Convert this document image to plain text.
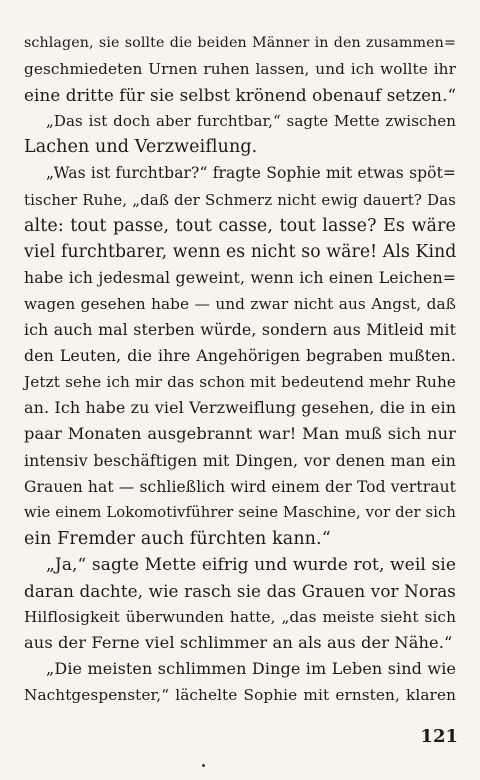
schlagen, sie sollte die beiden Männer in den zusammen=
geschmiedeten Urnen ruhen lassen, und ich wollte ihr
eine dritte für sie selbst krönend obenauf setzen.“
„Das ist doch aber furchtbar,“ sagte Mette zwischen
Lachen und Verzweiflung.
„Was ist furchtbar?“ fragte Sophie mit etwas spöt=
tischer Ruhe, „daß der Schmerz nicht ewig dauert? Das
alte: tout passe, tout casse, tout lasse? Es wäre
viel furchtbarer, wenn es nicht so wäre! Als Kind
habe ich jedesmal geweint, wenn ich einen Leichen=
wagen gesehen habe — und zwar nicht aus Angst, daß
ich auch mal sterben würde, sondern aus Mitleid mit
den Leuten, die ihre Angehörigen begraben mußten.
Jetzt sehe ich mir das schon mit bedeutend mehr Ruhe
an. Ich habe zu viel Verzweiflung gesehen, die in ein
paar Monaten ausgebrannt war! Man muß sich nur
intensiv beschäftigen mit Dingen, vor denen man ein
Grauen hat — schließlich wird einem der Tod vertraut
wie einem Lokomotivführer seine Maschine, vor der sich
ein Fremder auch fürchten kann.“
„Ja,“ sagte Mette eifrig und wurde rot, weil sie
daran dachte, wie rasch sie das Grauen vor Noras
Hilflosigkeit überwunden hatte, „das meiste sieht sich
aus der Ferne viel schlimmer an als aus der Nähe.“
„Die meisten schlimmen Dinge im Leben sind wie
Nachtgespenster,“ lächelte Sophie mit ernsten, klaren
121
